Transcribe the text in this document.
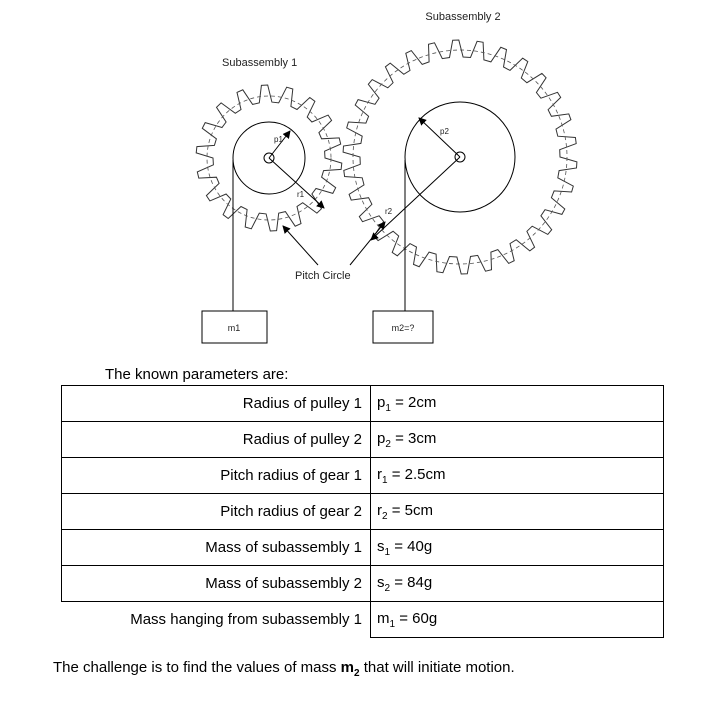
Subassembly 2
Subassembly 1
p1
p2
r1
r2
Pitch Circle
m1	m2=?
The known parameters are:
Radius of pulley 1	$p_1 = 2cm$
Radius of pulley 2	$p_2 = 3cm$
Pitch radius of gear 1	$r_1 = 2.5cm$
Pitch radius of gear 2	$r_2 = 5cm$
Mass of subassembly 1	$s_1 = 40g$
Mass of subassembly 2	$s_2 = 84g$
Mass hanging from subassembly 1	$m_1 = 60g$
The challenge is to find the values of mass $m_2$ that will initiate motion.
